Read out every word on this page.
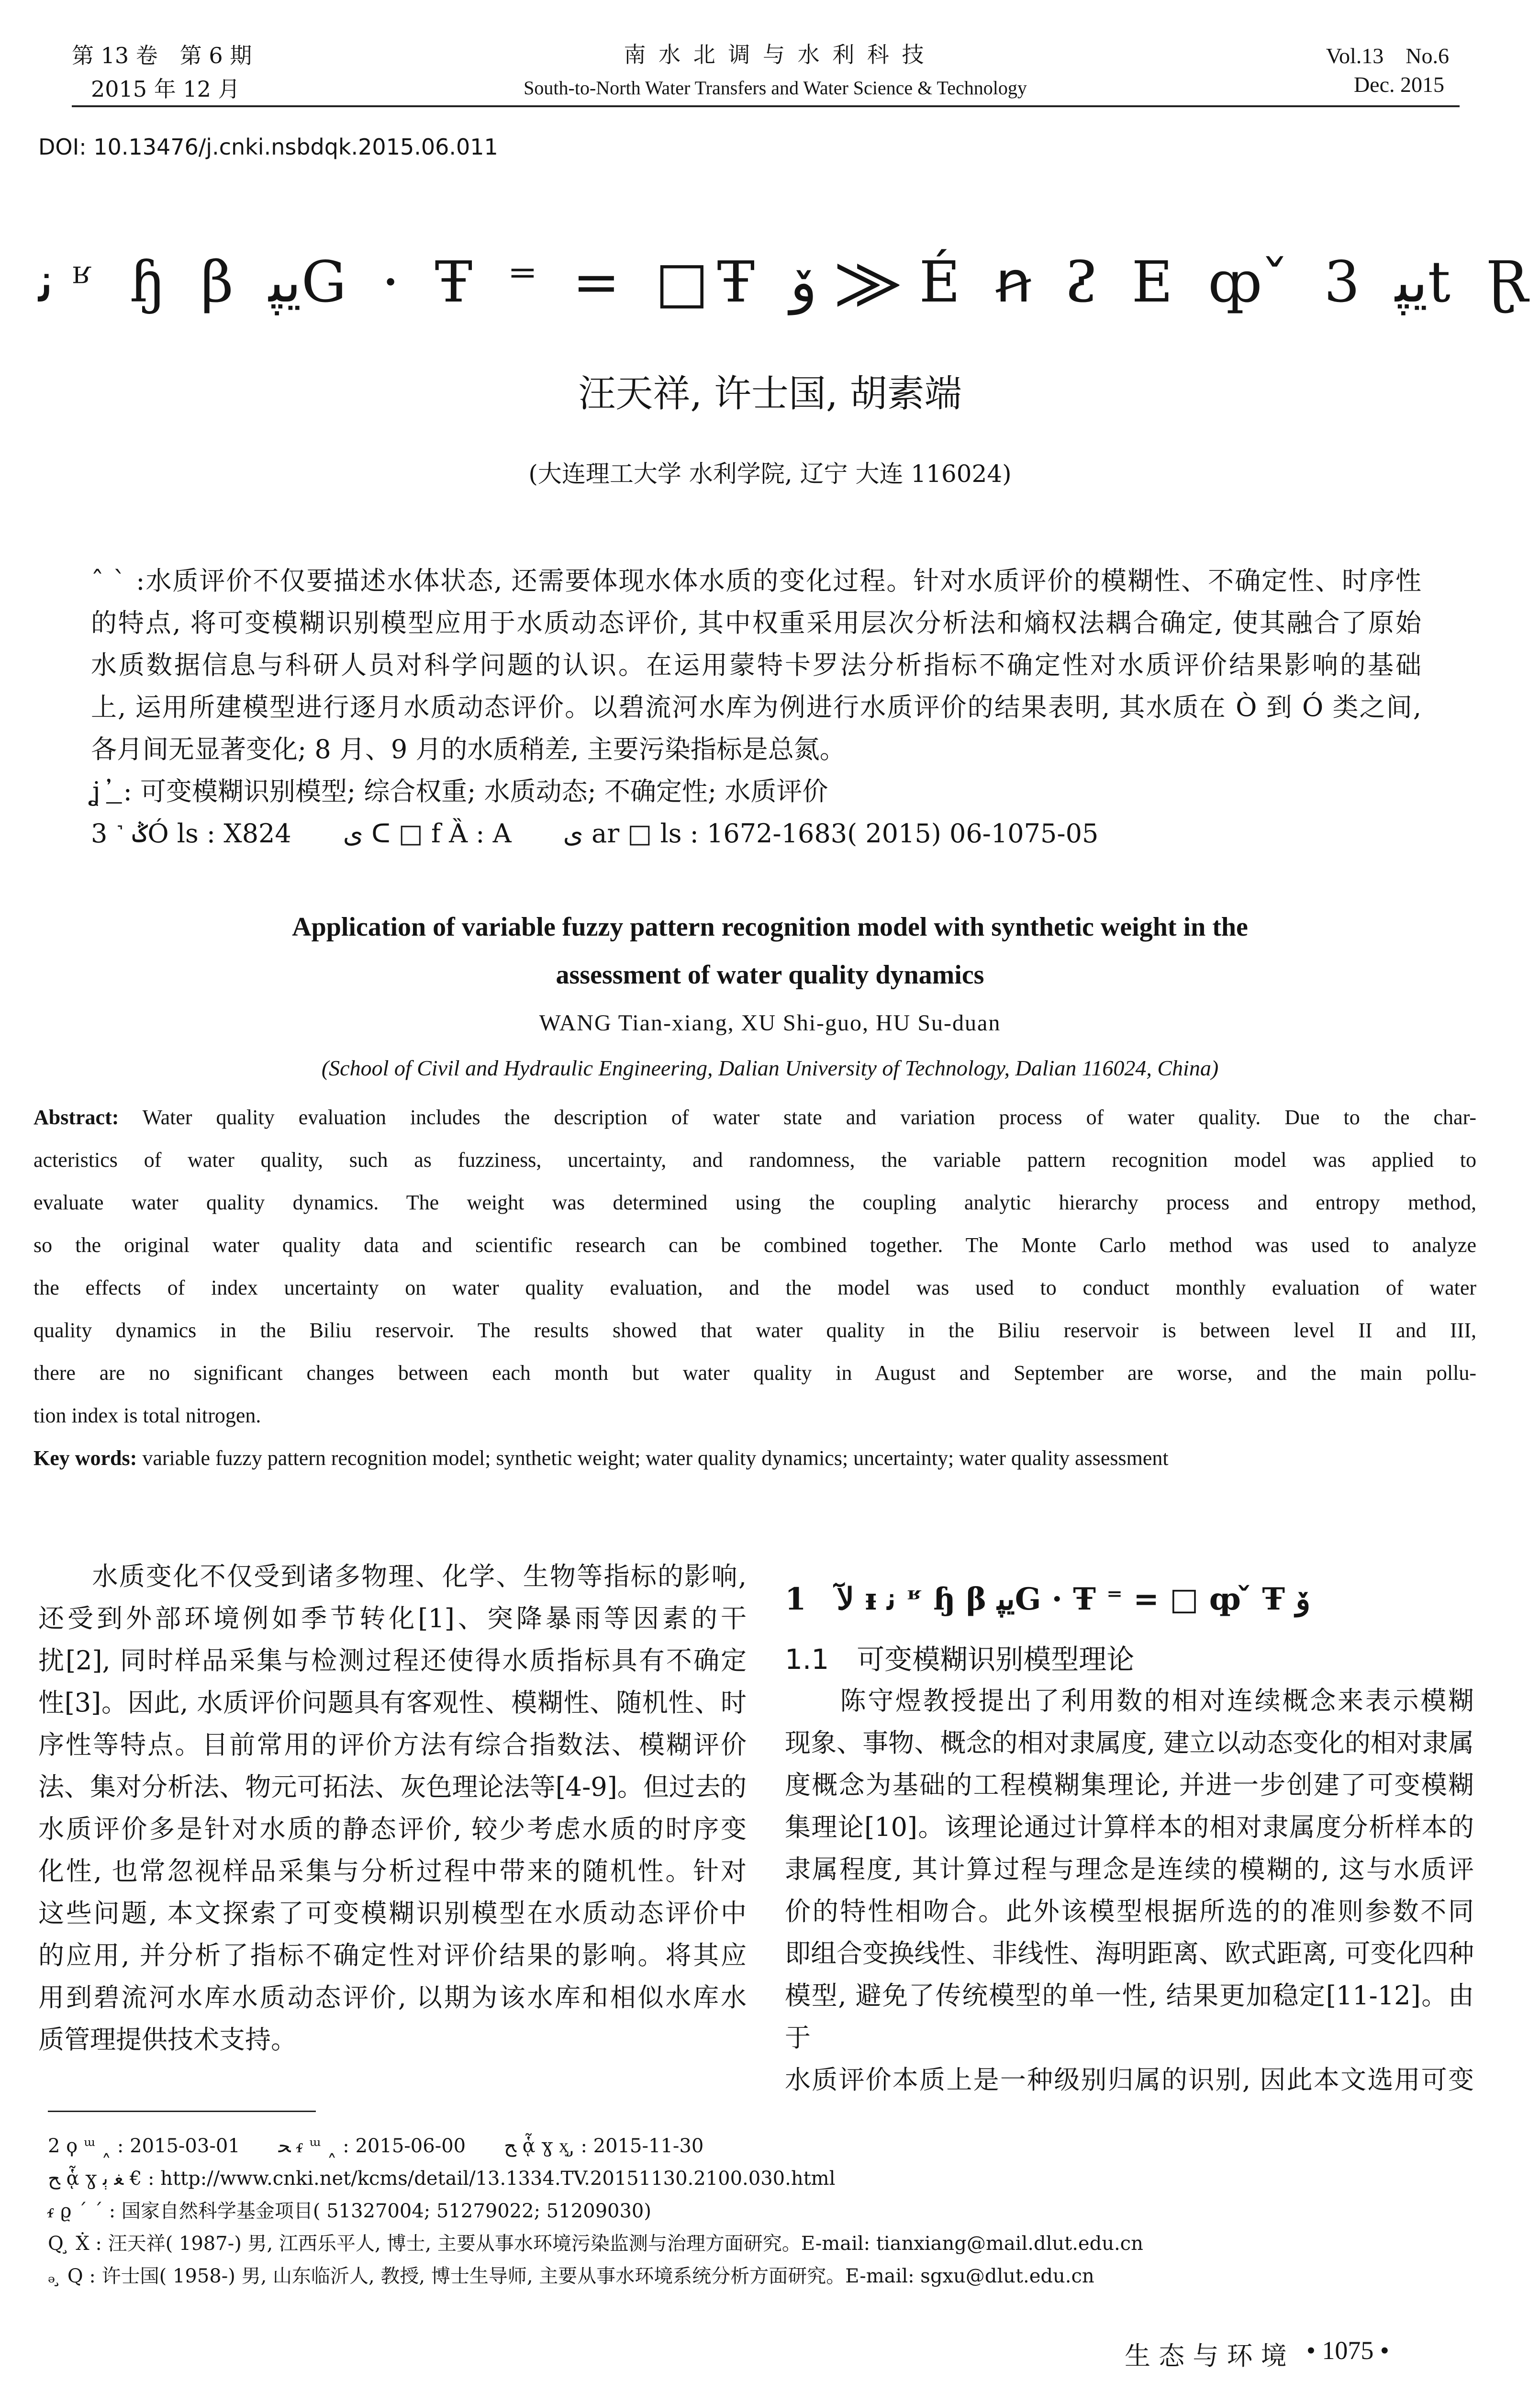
第 13 卷　第 6 期
2015 年 12 月
南 水 北 调 与 水 利 科 技
South-to-North Water Transfers and Water Science & Technology
Vol.13　No.6
Dec. 2015
DOI: 10.13476/j.cnki.nsbdqk.2015.06.011
ﻧ ʶ ɧ β ﻳﭙG · Ŧ ⁼ = □Ŧ ﯙ ⨠ É ꞥ ᴤ E ȹ ̌ 3 ﻳﭙt Ɽ
汪天祥, 许士国, 胡素端
(大连理工大学 水利学院, 辽宁 大连 116024)
ˆ ˋ :水质评价不仅要描述水体状态, 还需要体现水体水质的变化过程。针对水质评价的模糊性、不确定性、时序性
的特点, 将可变模糊识别模型应用于水质动态评价, 其中权重采用层次分析法和熵权法耦合确定, 使其融合了原始
水质数据信息与科研人员对科学问题的认识。在运用蒙特卡罗法分析指标不确定性对水质评价结果影响的基础
上, 运用所建模型进行逐月水质动态评价。以碧流河水库为例进行水质评价的结果表明, 其水质在 Ò 到 Ó 类之间,
各月间无显著变化; 8 月、9 月的水质稍差, 主要污染指标是总氮。
ʝ ͟ ̓ : 可变模糊识别模型; 综合权重; 水质动态; 不确定性; 水质评价
3 ˺ ݣÓ ls : X824　　ﯼ ᑕ □ f Ȁ : A　　ﯼ ar □ ls : 1672-1683( 2015) 06-1075-05
Application of variable fuzzy pattern recognition model with synthetic weight in the
assessment of water quality dynamics
WANG Tian-xiang, XU Shi-guo, HU Su-duan
(School of Civil and Hydraulic Engineering, Dalian University of Technology, Dalian 116024, China)
Abstract: Water quality evaluation includes the description of water state and variation process of water quality. Due to the char-
acteristics of water quality, such as fuzziness, uncertainty, and randomness, the variable pattern recognition model was applied to
evaluate water quality dynamics. The weight was determined using the coupling analytic hierarchy process and entropy method,
so the original water quality data and scientific research can be combined together. The Monte Carlo method was used to analyze
the effects of index uncertainty on water quality evaluation, and the model was used to conduct monthly evaluation of water
quality dynamics in the Biliu reservoir. The results showed that water quality in the Biliu reservoir is between level II and III,
there are no significant changes between each month but water quality in August and September are worse, and the main pollu-
tion index is total nitrogen.
Key words: variable fuzzy pattern recognition model; synthetic weight; water quality dynamics; uncertainty; water quality assessment
　　水质变化不仅受到诸多物理、化学、生物等指标的影响,
还受到外部环境例如季节转化[1]、突降暴雨等因素的干
扰[2], 同时样品采集与检测过程还使得水质指标具有不确定
性[3]。因此, 水质评价问题具有客观性、模糊性、随机性、时
序性等特点。目前常用的评价方法有综合指数法、模糊评价
法、集对分析法、物元可拓法、灰色理论法等[4-9]。但过去的
水质评价多是针对水质的静态评价, 较少考虑水质的时序变
化性, 也常忽视样品采集与分析过程中带来的随机性。针对
这些问题, 本文探索了可变模糊识别模型在水质动态评价中
的应用, 并分析了指标不确定性对评价结果的影响。将其应
用到碧流河水库水质动态评价, 以期为该水库和相似水库水
质管理提供技术支持。
1　ﻵ ᵻ ﻧ ʶ ɧ β ﻳﭙG · Ŧ ⁼ = □ ȹ ̌ Ŧ ﯙ
1.1　可变模糊识别模型理论
　　陈守煜教授提出了利用数的相对连续概念来表示模糊
现象、事物、概念的相对隶属度, 建立以动态变化的相对隶属
度概念为基础的工程模糊集理论, 并进一步创建了可变模糊
集理论[10]。该理论通过计算样本的相对隶属度分析样本的
隶属程度, 其计算过程与理念是连续的模糊的, 这与水质评
价的特性相吻合。此外该模型根据所选的的准则参数不同
即组合变换线性、非线性、海明距离、欧式距离, 可变化四种
模型, 避免了传统模型的单一性, 结果更加稳定[11-12]。由于
水质评价本质上是一种级别归属的识别, 因此本文选用可变
2 ϙ ᵚ ˰ : 2015-03-01　　ﺤ ᵳ ᵚ ˰ : 2015-06-00　　ﺢ ᾇ ɣ ᶍ ̡ : 2015-11-30
ﺢ ᾇ ɣ ﻐ ﯦ € : http://www.cnki.net/kcms/detail/13.1334.TV.20151130.2100.030.html
ᵳ ϱ ˊ ˊ : 国家自然科学基金项目( 51327004; 51279022; 51209030)
Q ̧ Ẋ : 汪天祥( 1987-) 男, 江西乐平人, 博士, 主要从事水环境污染监测与治理方面研究。E-mail: tianxiang@mail.dlut.edu.cn
ₔ ̧ Q : 许士国( 1958-) 男, 山东临沂人, 教授, 博士生导师, 主要从事水环境系统分析方面研究。E-mail: sgxu@dlut.edu.cn
生 态 与 环 境 • 1075 •
